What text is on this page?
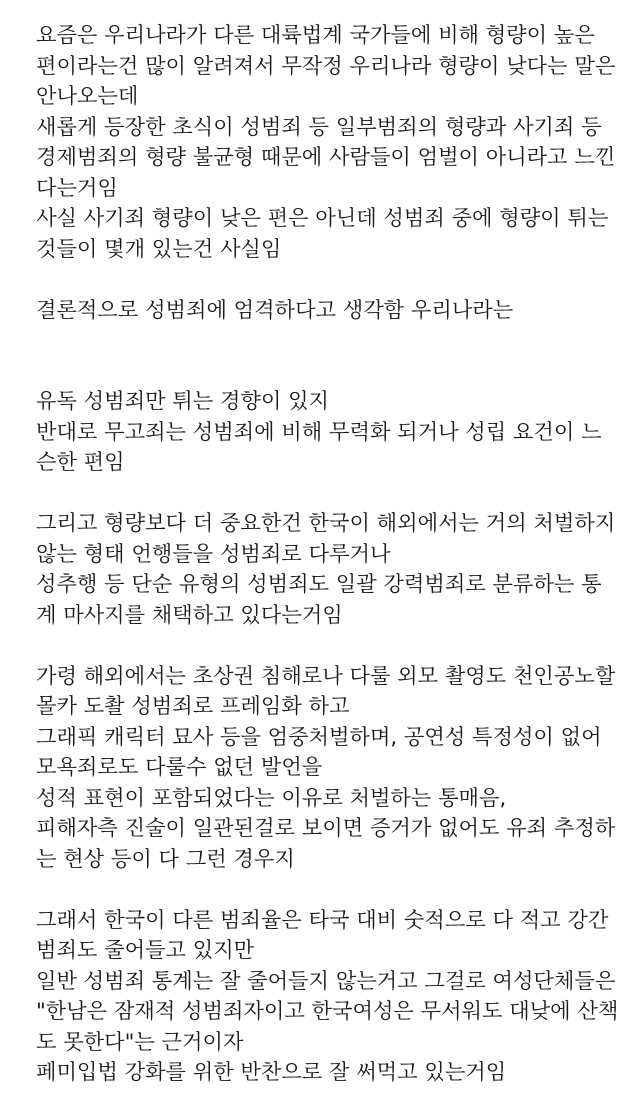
요즘은 우리나라가 다른 대륙법계 국가들에 비해 형량이 높은
편이라는건 많이 알려져서 무작정 우리나라 형량이 낮다는 말은
안나오는데
새롭게 등장한 초식이 성범죄 등 일부범죄의 형량과 사기죄 등
경제범죄의 형량 불균형 때문에 사람들이 엄벌이 아니라고 느낀
다는거임
사실 사기죄 형량이 낮은 편은 아닌데 성범죄 중에 형량이 튀는
것들이 몇개 있는건 사실임
결론적으로 성범죄에 엄격하다고 생각함 우리나라는
유독 성범죄만 튀는 경향이 있지
반대로 무고죄는 성범죄에 비해 무력화 되거나 성립 요건이 느
슨한 편임
그리고 형량보다 더 중요한건 한국이 해외에서는 거의 처벌하지
않는 형태 언행들을 성범죄로 다루거나
성추행 등 단순 유형의 성범죄도 일괄 강력범죄로 분류하는 통
계 마사지를 채택하고 있다는거임
가령 해외에서는 초상권 침해로나 다룰 외모 촬영도 천인공노할
몰카 도촬 성범죄로 프레임화 하고
그래픽 캐릭터 묘사 등을 엄중처벌하며, 공연성 특정성이 없어
모욕죄로도 다룰수 없던 발언을
성적 표현이 포함되었다는 이유로 처벌하는 통매음,
피해자측 진술이 일관된걸로 보이면 증거가 없어도 유죄 추정하
는 현상 등이 다 그런 경우지
그래서 한국이 다른 범죄율은 타국 대비 숫적으로 다 적고 강간
범죄도 줄어들고 있지만
일반 성범죄 통계는 잘 줄어들지 않는거고 그걸로 여성단체들은
"한남은 잠재적 성범죄자이고 한국여성은 무서워도 대낮에 산책
도 못한다"는 근거이자
페미입법 강화를 위한 반찬으로 잘 써먹고 있는거임
